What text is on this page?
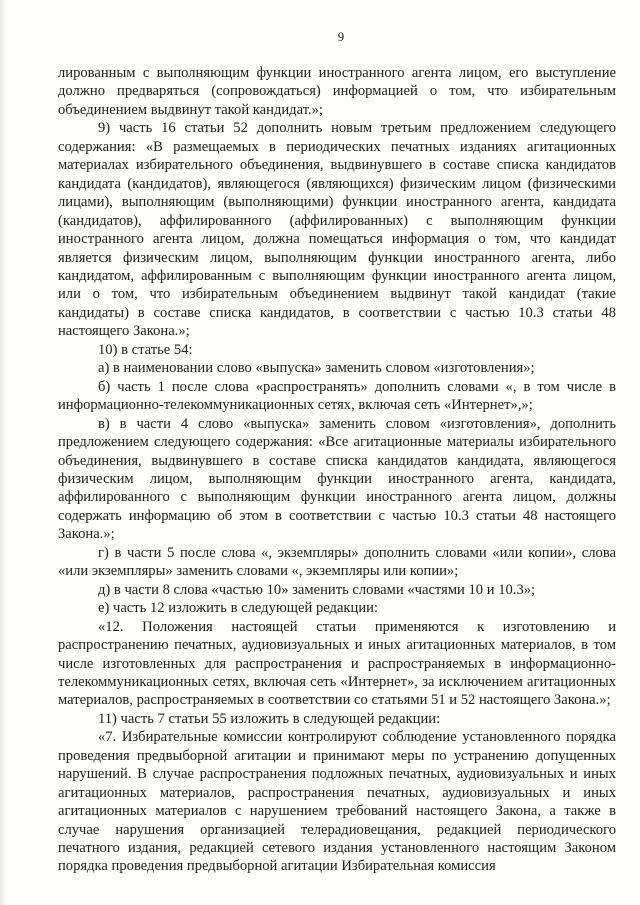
9

лированным с выполняющим функции иностранного агента лицом, его выступление должно предваряться (сопровождаться) информацией о том, что избирательным объединением выдвинут такой кандидат.»;

9) часть 16 статьи 52 дополнить новым третьим предложением следующего содержания: «В размещаемых в периодических печатных изданиях агитационных материалах избирательного объединения, выдвинувшего в составе списка кандидатов кандидата (кандидатов), являющегося (являющихся) физическим лицом (физическими лицами), выполняющим (выполняющими) функции иностранного агента, кандидата (кандидатов), аффилированного (аффилированных) с выполняющим функции иностранного агента лицом, должна помещаться информация о том, что кандидат является физическим лицом, выполняющим функции иностранного агента, либо кандидатом, аффилированным с выполняющим функции иностранного агента лицом, или о том, что избирательным объединением выдвинут такой кандидат (такие кандидаты) в составе списка кандидатов, в соответствии с частью 10.3 статьи 48 настоящего Закона.»;

10) в статье 54:

а) в наименовании слово «выпуска» заменить словом «изготовления»;

б) часть 1 после слова «распространять» дополнить словами «, в том числе в информационно-телекоммуникационных сетях, включая сеть «Интернет»,»;

в) в части 4 слово «выпуска» заменить словом «изготовления», дополнить предложением следующего содержания: «Все агитационные материалы избирательного объединения, выдвинувшего в составе списка кандидатов кандидата, являющегося физическим лицом, выполняющим функции иностранного агента, кандидата, аффилированного с выполняющим функции иностранного агента лицом, должны содержать информацию об этом в соответствии с частью 10.3 статьи 48 настоящего Закона.»;

г) в части 5 после слова «, экземпляры» дополнить словами «или копии», слова «или экземпляры» заменить словами «, экземпляры или копии»;

д) в части 8 слова «частью 10» заменить словами «частями 10 и 10.3»;

е) часть 12 изложить в следующей редакции:

«12. Положения настоящей статьи применяются к изготовлению и распространению печатных, аудиовизуальных и иных агитационных материалов, в том числе изготовленных для распространения и распространяемых в информационно-телекоммуникационных сетях, включая сеть «Интернет», за исключением агитационных материалов, распространяемых в соответствии со статьями 51 и 52 настоящего Закона.»;

11) часть 7 статьи 55 изложить в следующей редакции:

«7. Избирательные комиссии контролируют соблюдение установленного порядка проведения предвыборной агитации и принимают меры по устранению допущенных нарушений. В случае распространения подложных печатных, аудиовизуальных и иных агитационных материалов, распространения печатных, аудиовизуальных и иных агитационных материалов с нарушением требований настоящего Закона, а также в случае нарушения организацией телерадиовещания, редакцией периодического печатного издания, редакцией сетевого издания установленного настоящим Законом порядка проведения предвыборной агитации Избирательная комиссия
